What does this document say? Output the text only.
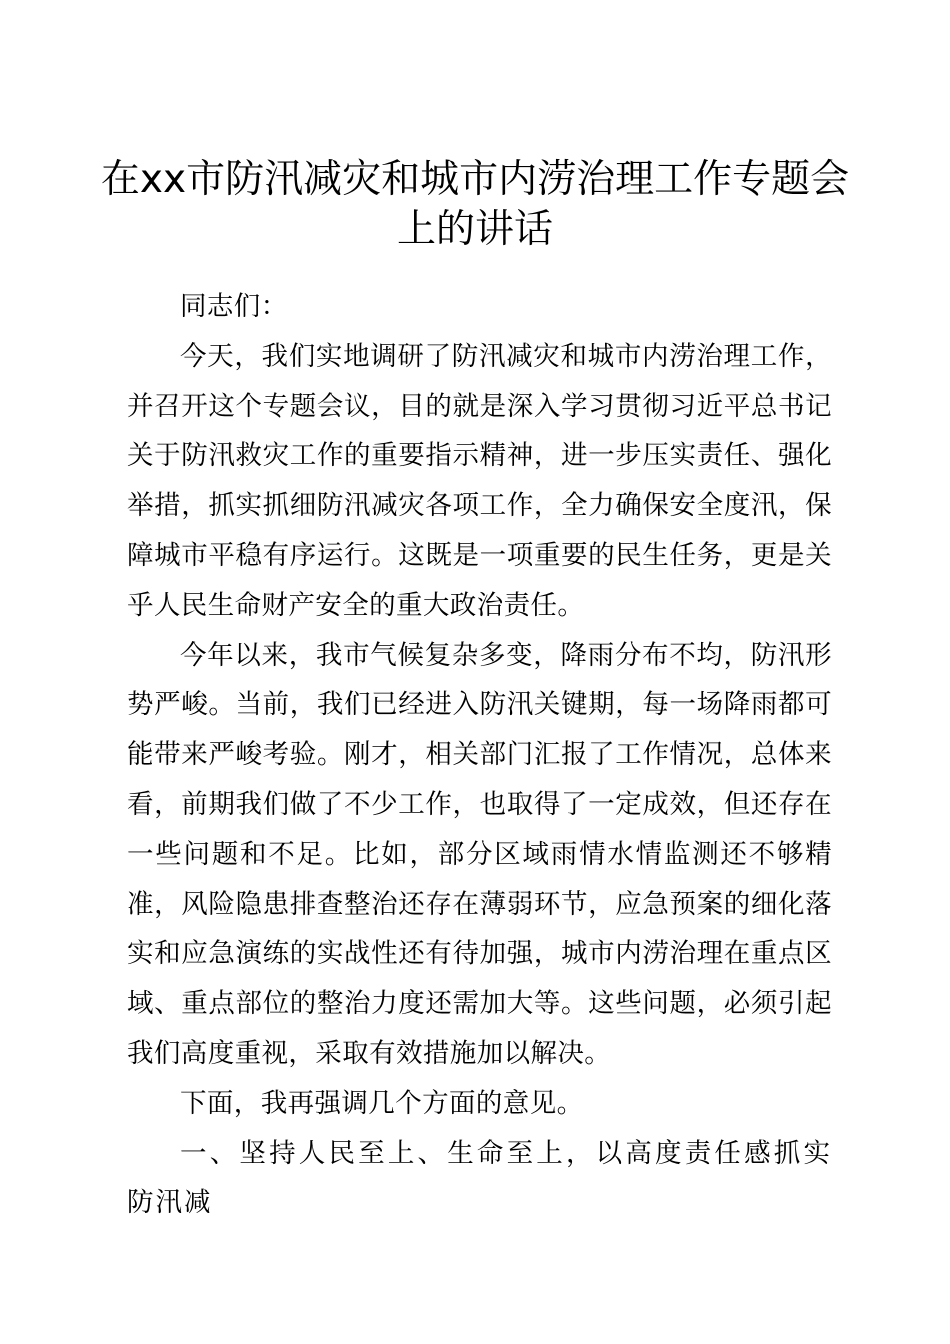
在xx市防汛减灾和城市内涝治理工作专题会上的讲话

同志们：

今天，我们实地调研了防汛减灾和城市内涝治理工作，并召开这个专题会议，目的就是深入学习贯彻习近平总书记关于防汛救灾工作的重要指示精神，进一步压实责任、强化举措，抓实抓细防汛减灾各项工作，全力确保安全度汛，保障城市平稳有序运行。这既是一项重要的民生任务，更是关乎人民生命财产安全的重大政治责任。

今年以来，我市气候复杂多变，降雨分布不均，防汛形势严峻。当前，我们已经进入防汛关键期，每一场降雨都可能带来严峻考验。刚才，相关部门汇报了工作情况，总体来看，前期我们做了不少工作，也取得了一定成效，但还存在一些问题和不足。比如，部分区域雨情水情监测还不够精准，风险隐患排查整治还存在薄弱环节，应急预案的细化落实和应急演练的实战性还有待加强，城市内涝治理在重点区域、重点部位的整治力度还需加大等。这些问题，必须引起我们高度重视，采取有效措施加以解决。

下面，我再强调几个方面的意见。

一、坚持人民至上、生命至上，以高度责任感抓实防汛减
